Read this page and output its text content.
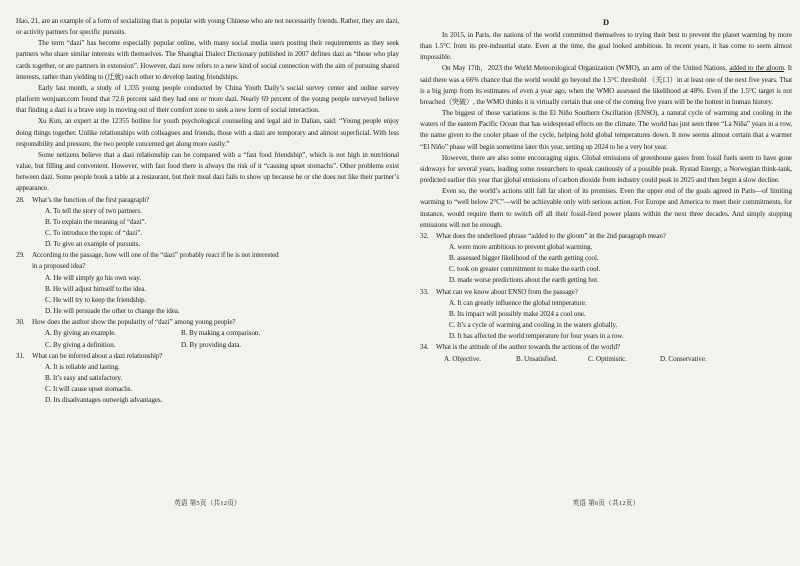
Hao, 21, are an example of a form of socializing that is popular with young Chinese who are not necessarily friends. Rather, they are dazi, or activity partners for specific pursuits.

The term “dazi” has become especially popular online, with many social media users posting their requirements as they seek partners who share similar interests with themselves. The Shanghai Dialect Dictionary published in 2007 defines dazi as “those who play cards together, or are partners in extension”. However, dazi now refers to a new kind of social connection with the aim of pursuing shared interests, rather than yielding to (迁就) each other to develop lasting friendships.

Early last month, a study of 1,335 young people conducted by China Youth Daily’s social survey center and online survey platform wenjuan.com found that 72.6 percent said they had one or more dazi. Nearly 69 percent of the young people surveyed believe that finding a dazi is a brave step in moving out of their comfort zone to seek a new form of social interaction.

Xu Kun, an expert at the 12355 hotline for youth psychological counseling and legal aid in Dalian, said: “Young people enjoy doing things together. Unlike relationships with colleagues and friends, those with a dazi are temporary and almost superficial. With less responsibility and pressure, the two people concerned get along more easily.”

Some netizens believe that a dazi relationship can be compared with a “fast food friendship”, which is not high in nutritional value, but filling and convenient. However, with fast food there is always the risk of it “causing upset stomachs”. Other problems exist between dazi. Some people book a table at a restaurant, but their meal dazi fails to show up because he or she does not like their partner’s appearance.

28. What’s the function of the first paragraph?

A. To tell the story of two partners.

B. To explain the meaning of “dazi”.

C. To introduce the topic of “dazi”.

D. To give an example of pursuits.

29. According to the passage, how will one of the “dazi” probably react if he is not interested

in a proposed idea?

A. He will simply go his own way.

B. He will adjust himself to the idea.

C. He will try to keep the friendship.

D. He will persuade the other to change the idea.

30. How does the author show the popularity of “dazi” among young people?

A. By giving an example.	B. By making a comparison.
C. By giving a definition.	D. By providing data.

31. What can be inferred about a dazi relationship?

A. It is reliable and lasting.

B. It’s easy and satisfactory.

C. It will cause upset stomachs.

D. Its disadvantages outweigh advantages.

英语 第5页（共12页）
D

In 2015, in Paris, the nations of the world committed themselves to trying their best to prevent the planet warming by more than 1.5°C from its pre-industrial state. Even at the time, the goal looked ambitious. In recent years, it has come to seem almost impossible.

On May 17th，2023 the World Meteorological Organization (WMO), an arm of the United Nations, added to the gloom. It said there was a 66% chance that the world would go beyond the 1.5°C threshold （关口）in at least one of the next five years. That is a big jump from its estimates of even a year ago, when the WMO assessed the likelihood at 48%. Even if the 1.5°C target is not breached（突破）, the WMO thinks it is virtually certain that one of the coming five years will be the hottest in human history.

The biggest of those variations is the El Niño Southern Oscillation (ENSO), a natural cycle of warming and cooling in the waters of the eastern Pacific Ocean that has widespread effects on the climate. The world has just seen three “La Niña” years in a row, the name given to the cooler phase of the cycle, helping hold global temperatures down. It now seems almost certain that a warmer “El Niño” phase will begin sometime later this year, setting up 2024 to be a very hot year.

However, there are also some encouraging signs. Global emissions of greenhouse gases from fossil fuels seem to have gone sideways for several years, leading some researchers to speak cautiously of a possible peak. Rystad Energy, a Norwegian think-tank, predicted earlier this year that global emissions of carbon dioxide from industry could peak in 2025 and then begin a slow decline.

Even so, the world’s actions still fall far short of its promises. Even the upper end of the goals agreed in Paris—of limiting warming to “well below 2°C”—will be achievable only with serious action. For Europe and America to meet their commitments, for instance, would require them to switch off all their fossil-fired power plants within the next three decades. And simply stopping emissions will not be enough.

32. What does the underlined phrase “added to the gloom” in the 2nd paragraph mean?

A. were more ambitious to prevent global warming.

B. assessed bigger likelihood of the earth getting cool.

C. took on greater commitment to make the earth cool.

D. made worse predictions about the earth getting hot.

33. What can we know about ENSO from the passage?

A. It can greatly influence the global temperature.

B. Its impact will possibly make 2024 a cool one.

C. It’s a cycle of warming and cooling in the waters globally.

D. It has affected the world temperature for four years in a row.

34. What is the attitude of the author towards the actions of the world?

A. Objective.	B. Unsatisfied.	C. Optimistic.	D. Conservative.
英语 第6页（共12页）
